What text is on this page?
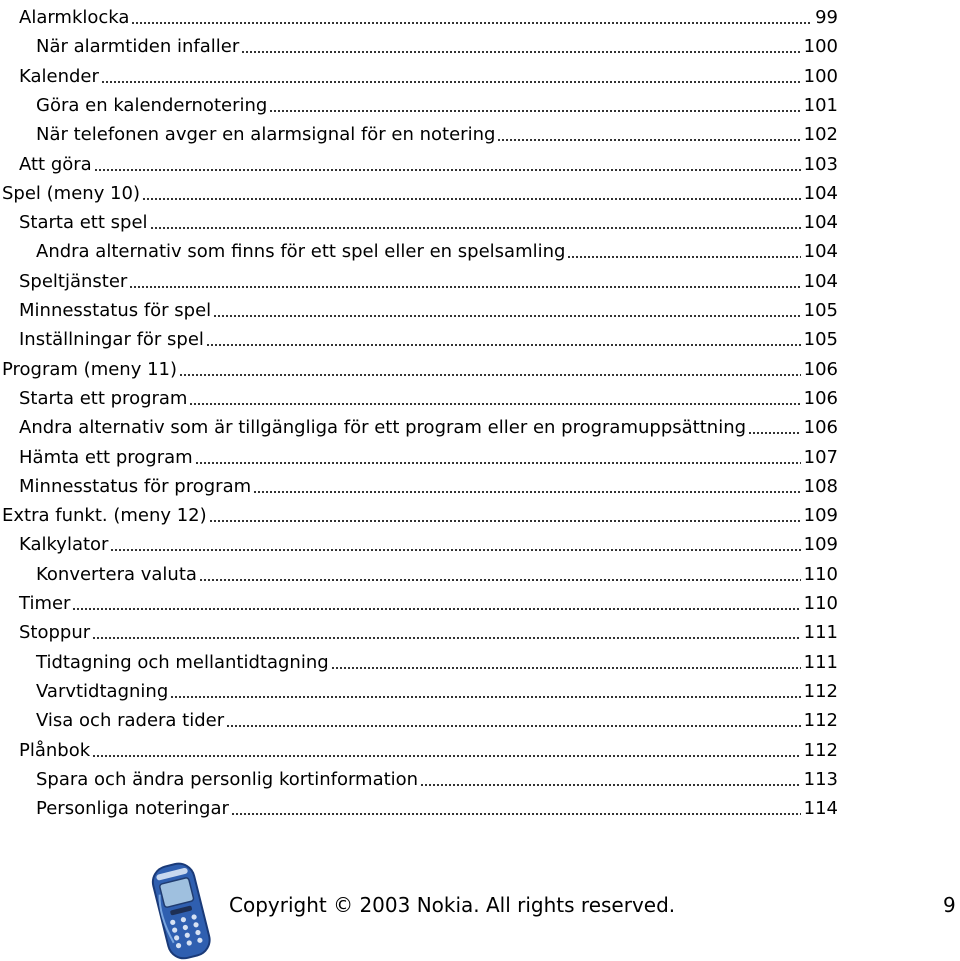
Alarmklocka	99
När alarmtiden infaller	100
Kalender	100
Göra en kalendernotering	101
När telefonen avger en alarmsignal för en notering	102
Att göra	103
Spel (meny 10)	104
Starta ett spel	104
Andra alternativ som finns för ett spel eller en spelsamling	104
Speltjänster	104
Minnesstatus för spel	105
Inställningar för spel	105
Program (meny 11)	106
Starta ett program	106
Andra alternativ som är tillgängliga för ett program eller en programuppsättning	106
Hämta ett program	107
Minnesstatus för program	108
Extra funkt. (meny 12)	109
Kalkylator	109
Konvertera valuta	110
Timer	110
Stoppur	111
Tidtagning och mellantidtagning	111
Varvtidtagning	112
Visa och radera tider	112
Plånbok	112
Spara och ändra personlig kortinformation	113
Personliga noteringar	114
Copyright © 2003 Nokia. All rights reserved.	9
